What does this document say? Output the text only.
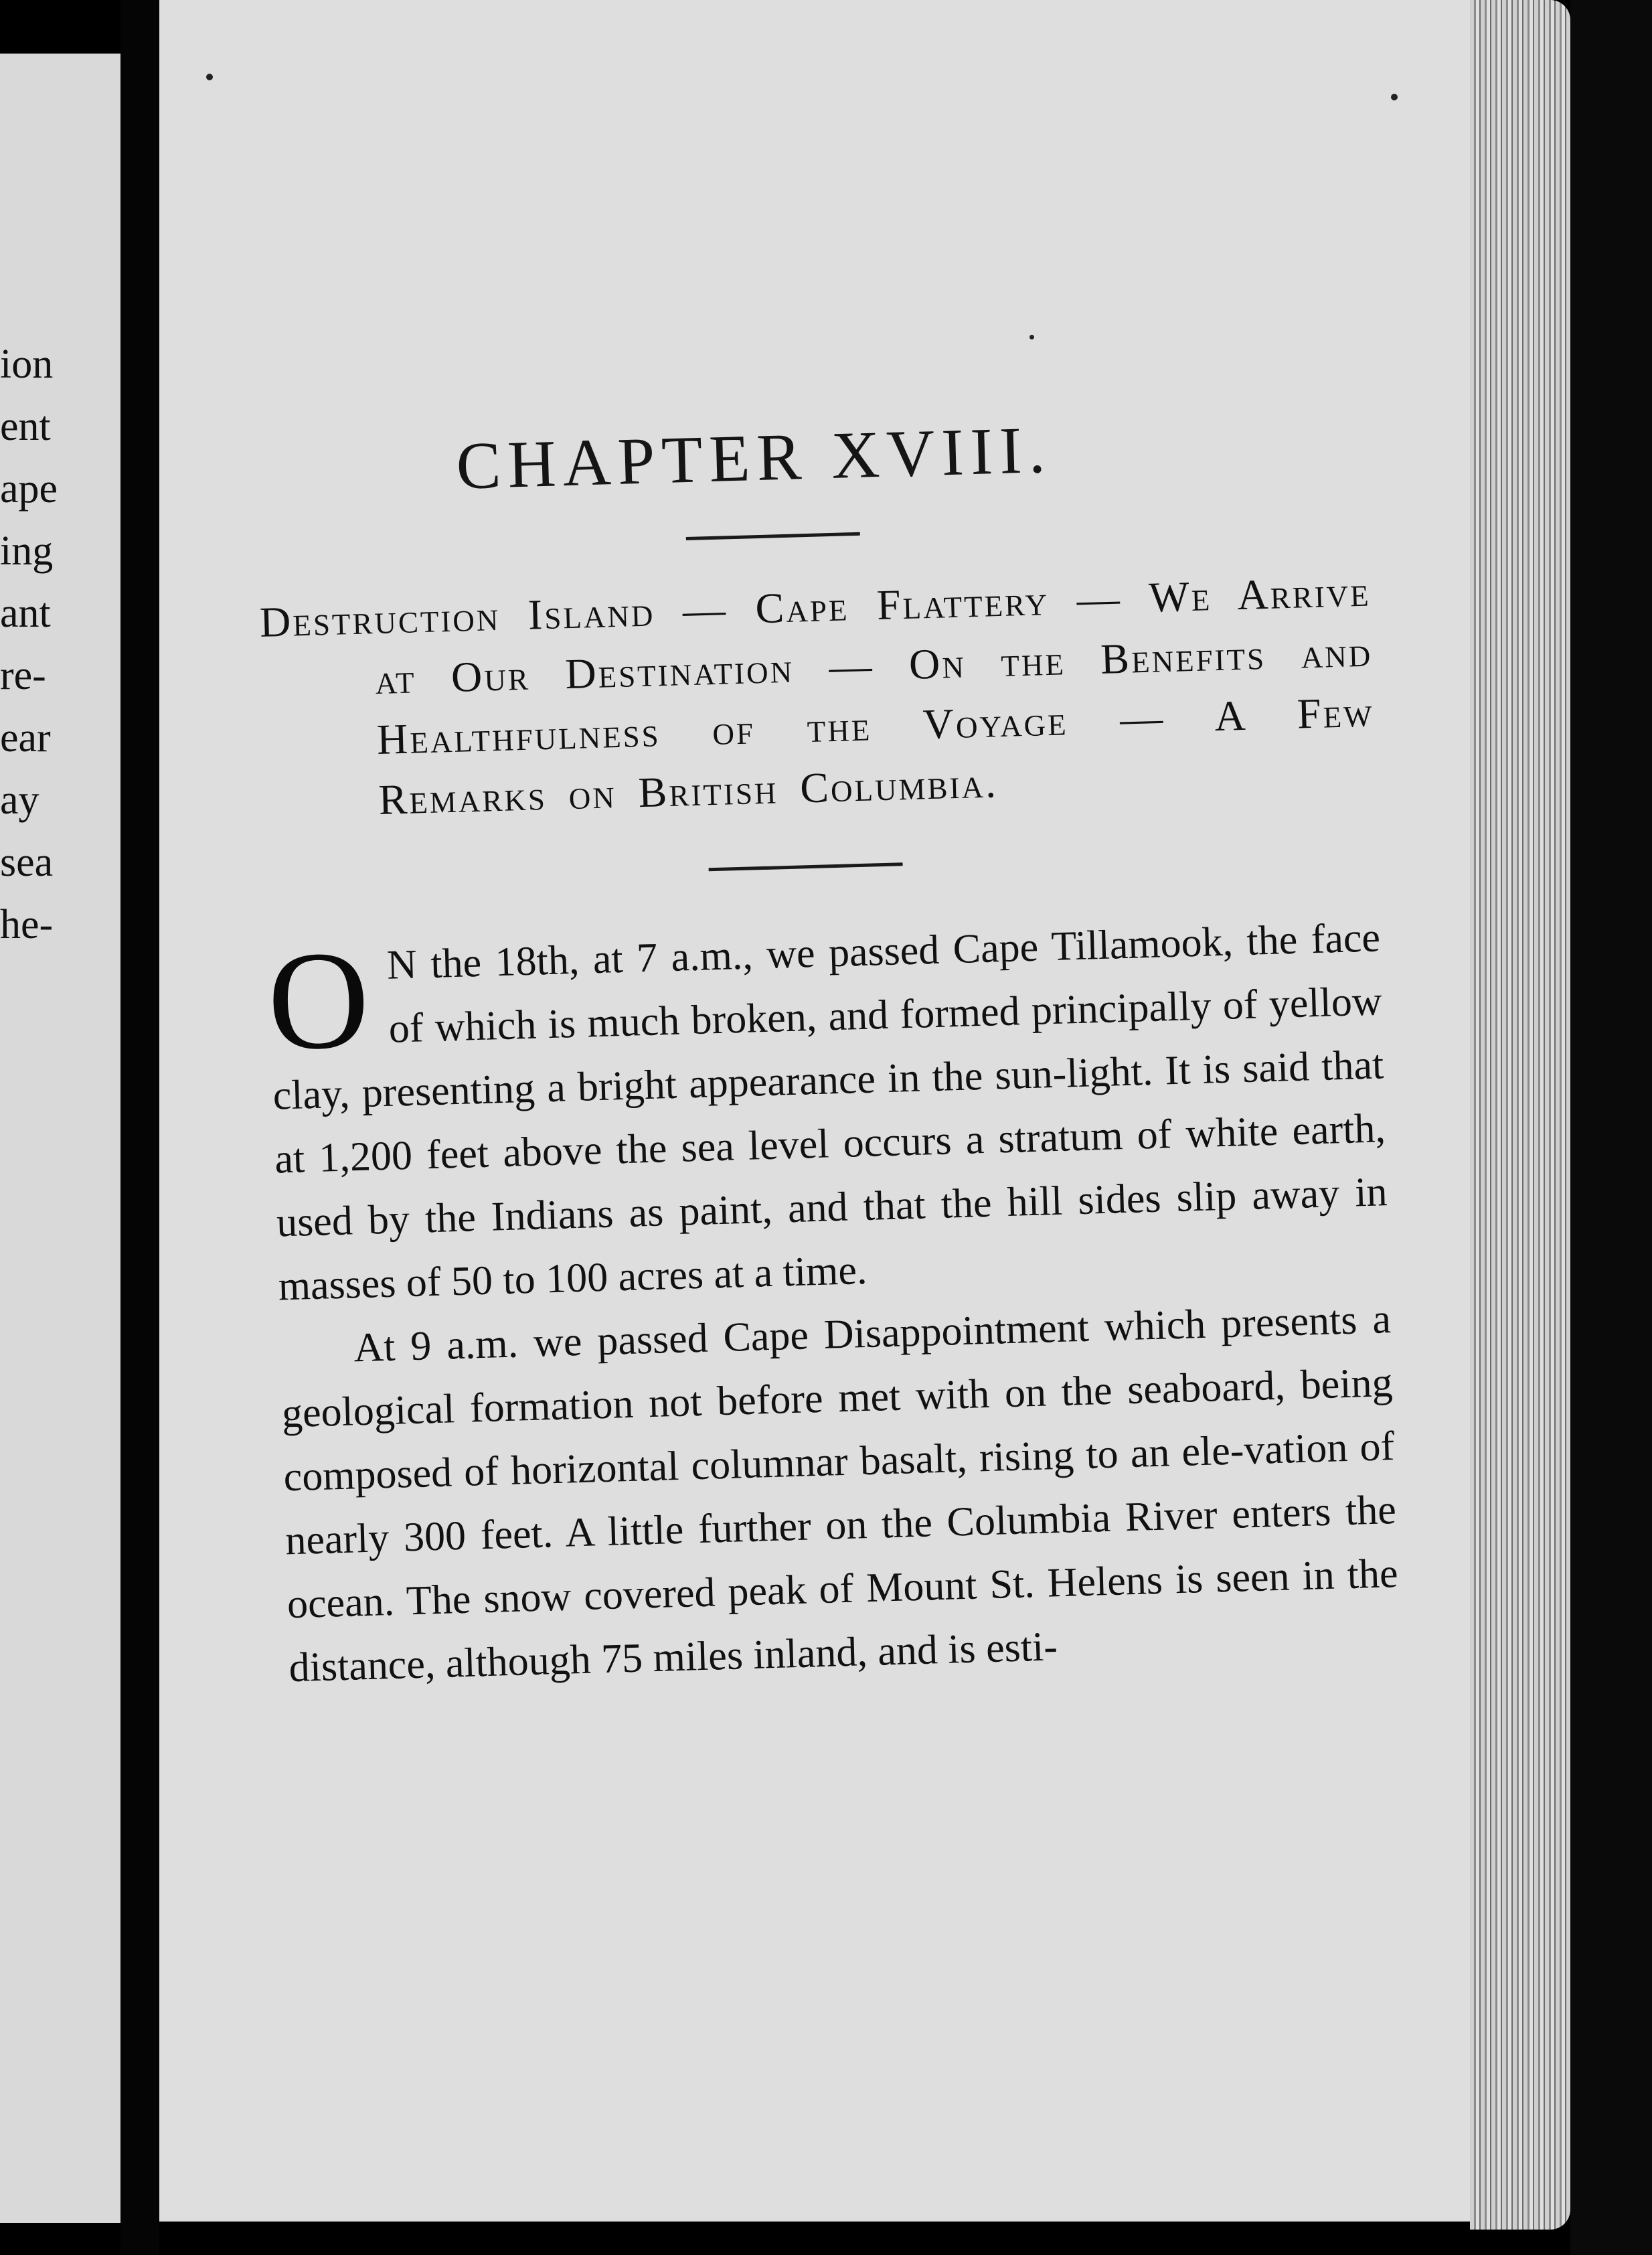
ion
ent
ape
ing
ant
re-
ear
ay
sea
he-
CHAPTER XVIII.

Destruction Island — Cape Flattery — We Arrive at Our Destination — On the Benefits and Healthfulness of the Voyage — A Few Remarks on British Columbia.

O N the 18th, at 7 a.m., we passed Cape Tillamook, the face of which is much broken, and formed principally of yellow clay, presenting a bright appearance in the sun-light. It is said that at 1,200 feet above the sea level occurs a stratum of white earth, used by the Indians as paint, and that the hill sides slip away in masses of 50 to 100 acres at a time.

At 9 a.m. we passed Cape Disappointment which presents a geological formation not before met with on the seaboard, being composed of horizontal columnar basalt, rising to an ele-vation of nearly 300 feet. A little further on the Columbia River enters the ocean. The snow covered peak of Mount St. Helens is seen in the distance, although 75 miles inland, and is esti-
